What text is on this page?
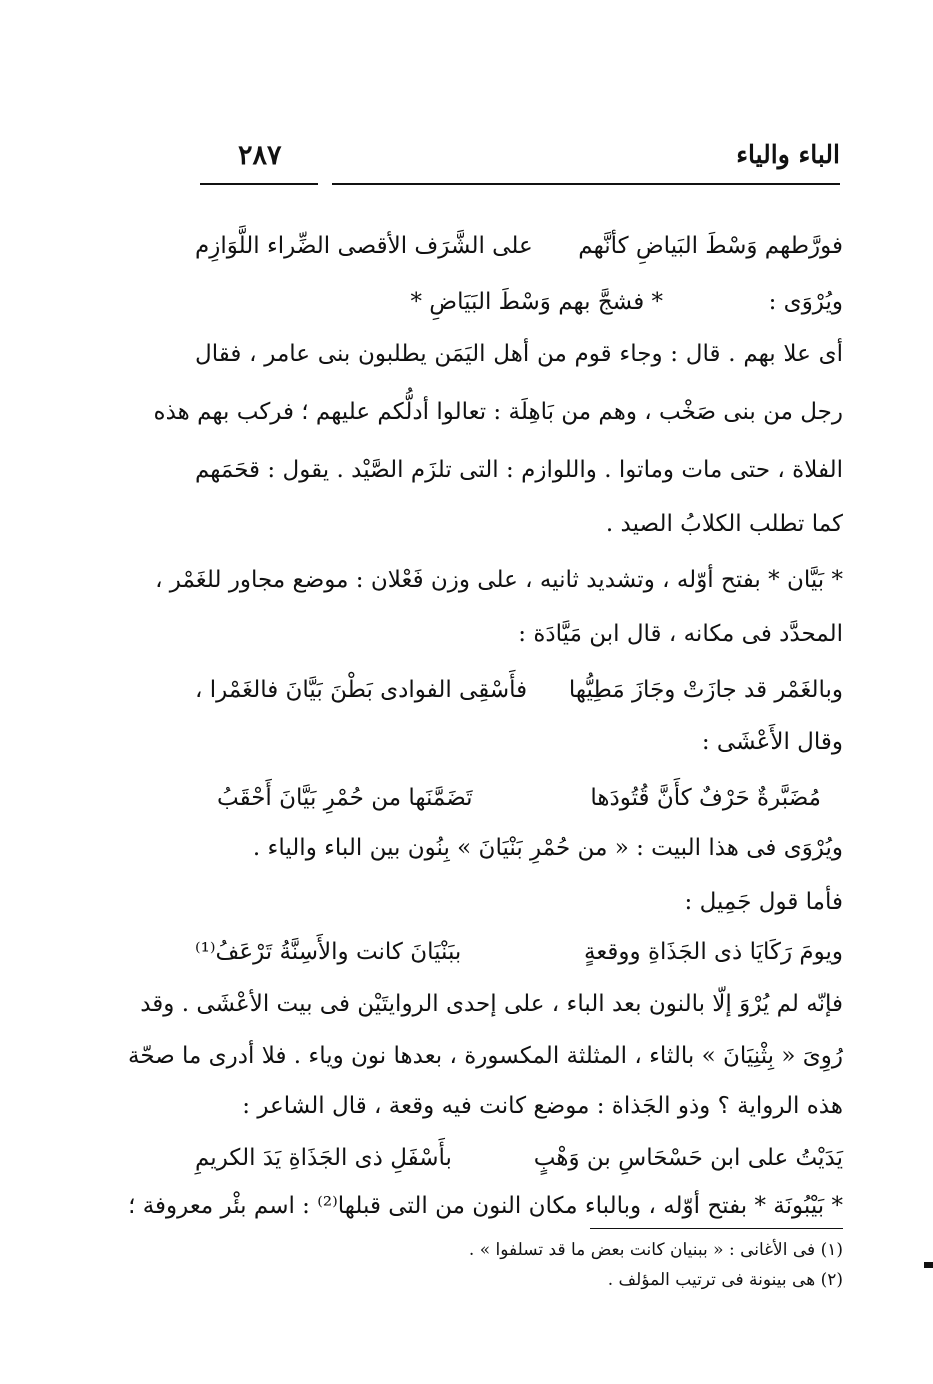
الباء والياء
٢٨٧
فورَّطهم وَسْطَ البَياضِ كأنَّهم
على الشَّرَف الأقصى الضِّراء اللَّوَازِم
ويُرْوَى :
* فشجَّ بهم وَسْطَ البَيَاضِ *
أى علا بهم . قال : وجاء قوم من أهل اليَمَن يطلبون بنى عامر ، فقال
رجل من بنى صَخْب ، وهم من بَاهِلَة : تعالوا أدلُّكم عليهم ؛ فركب بهم هذه
الفلاة ، حتى مات وماتوا . واللوازم : التى تلزَم الصَّيْد . يقول : قحَمَهم
كما تطلب الكلابُ الصيد .
* بَيَّان * بفتح أوّله ، وتشديد ثانيه ، على وزن فَعْلان : موضع مجاور للغَمْر ،
المحدَّد فى مكانه ، قال ابن مَيَّادَة :
وبالغَمْر قد جازَتْ وجَازَ مَطِيُّها
فأَسْقِى الفوادى بَطْنَ بَيَّانَ فالغَمْرا ،
وقال الأَعْشَى :
مُضَبَّرةٌ حَرْفٌ كأَنَّ قُتُودَها
تَضَمَّنَها من حُمْرِ بَيَّانَ أَحْقَبُ
ويُرْوَى فى هذا البيت : « من حُمْرِ بَنْيَانَ » بِنُون بين الباء والياء .
فأما قول جَمِيل :
ويومَ رَكَايَا ذى الجَذَاةِ ووقعةٍ
ببَنْيَانَ كانت والأَسِنَّةُ تَرْعَفُ⁽¹⁾
فإنّه لم يُرْوَ إلّا بالنون بعد الباء ، على إحدى الروايتَيْن فى بيت الأعْشَى . وقد
رُوِىَ « بِثْنِيَانَ » بالثاء ، المثلثة المكسورة ، بعدها نون وياء . فلا أدرى ما صحّة
هذه الرواية ؟ وذو الجَذاة : موضع كانت فيه وقعة ، قال الشاعر :
يَدَيْتُ على ابن حَسْحَاسِ بن وَهْبٍ
بأَسْفَلِ ذى الجَذَاةِ يَدَ الكريمِ
* بَيْبُونَة * بفتح أوّله ، وبالباء مكان النون من التى قبلها⁽²⁾ : اسم بئْر معروفة ؛
(١) فى الأغانى : « ببنيان كانت بعض ما قد تسلفوا » .
(٢) هى بينونة فى ترتيب المؤلف .
